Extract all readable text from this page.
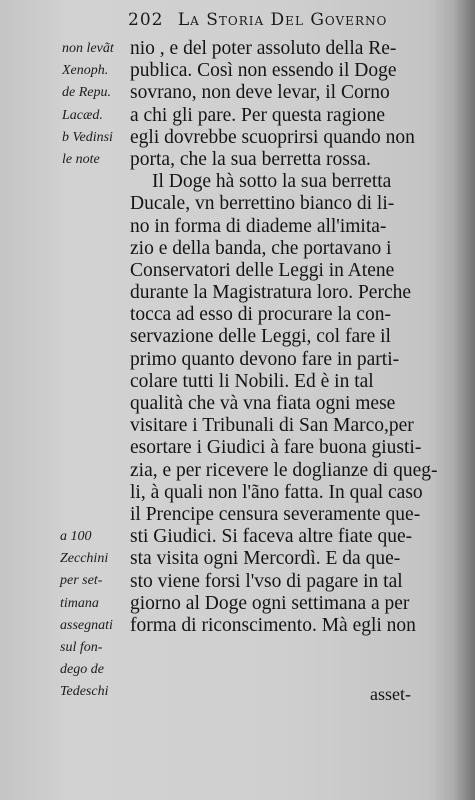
202 La Storia Del Governo
non levãt
Xenoph.
de Repu.
Lacæd.
b Vedinsi
le note
a 100
Zecchini
per set-
timana
assegnati
sul fon-
dego de
Tedeschi
nio , e del poter assoluto della Re-
publica. Così non essendo il Doge
sovrano, non deve levar, il Corno
a chi gli pare. Per questa ragione
egli dovrebbe scuoprirsi quando non
porta, che la sua berretta rossa.
Il Doge hà sotto la sua berretta
Ducale, vn berrettino bianco di li-
no in forma di diademe all'imita-
zio e della banda, che portavano i
Conservatori delle Leggi in Atene
durante la Magistratura loro. Perche
tocca ad esso di procurare la con-
servazione delle Leggi, col fare il
primo quanto devono fare in parti-
colare tutti li Nobili. Ed è in tal
qualità che và vna fiata ogni mese
visitare i Tribunali di San Marco,per
esortare i Giudici à fare buona giusti-
zia, e per ricevere le doglianze di queg-
li, à quali non l'ãno fatta. In qual caso
il Prencipe censura severamente que-
sti Giudici. Si faceva altre fiate que-
sta visita ogni Mercordì. E da que-
sto viene forsi l'vso di pagare in tal
giorno al Doge ogni settimana a per
forma di riconscimento. Mà egli non
asset-
